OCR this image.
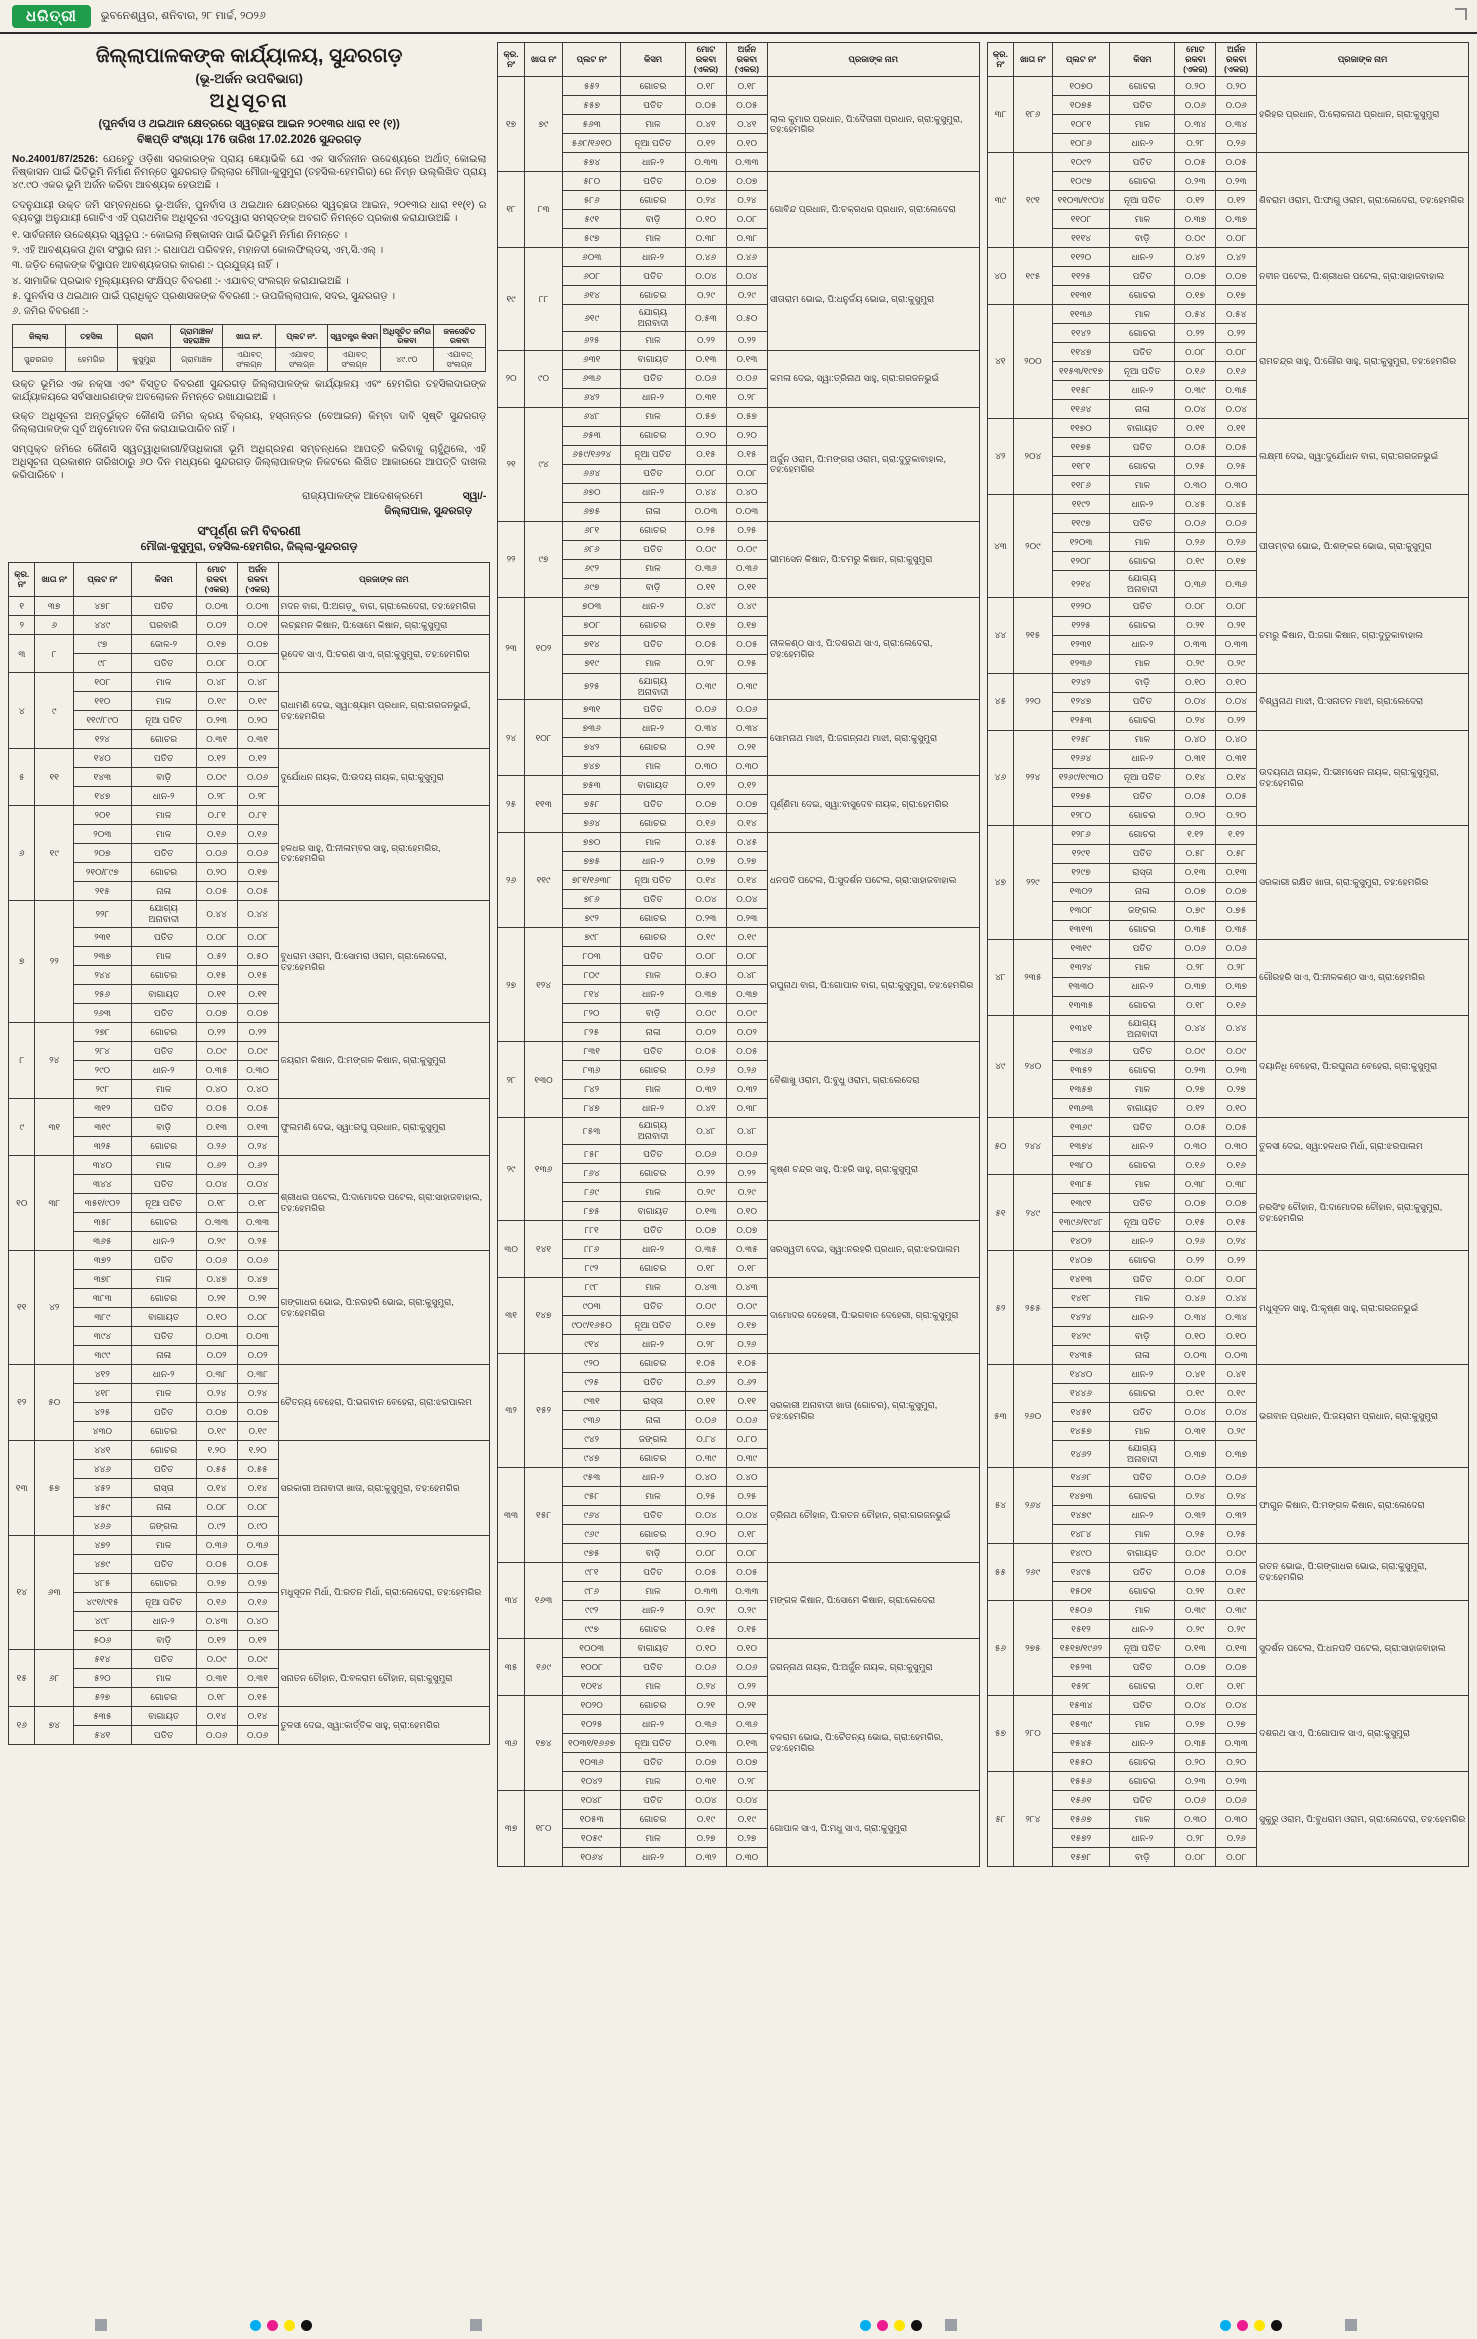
ଧରିତ୍ରୀ	ଭୁବନେଶ୍ୱର, ଶନିବାର, ୨୮ ମାର୍ଚ୍ଚ, ୨୦୨୬
ଜିଲ୍ଲାପାଳକଙ୍କ କାର୍ଯ୍ୟାଳୟ, ସୁନ୍ଦରଗଡ଼
(ଭୂ-ଅର୍ଜନ ଉପବିଭାଗ)
ଅଧିସୂଚନା
(ପୁନର୍ବାସ ଓ ଥଇଥାନ କ୍ଷେତ୍ରରେ ସ୍ୱଚ୍ଛତା ଆଇନ ୨୦୧୩ର ଧାରା ୧୧ (୧))
ବିଜ୍ଞପ୍ତି ସଂଖ୍ୟା 176 ତାରିଖ 17.02.2026 ସୁନ୍ଦରଗଡ଼

No.24001/87/2526: ଯେହେତୁ ଓଡ଼ିଶା ସରକାରଙ୍କ ପ୍ରାୟ ଜ୍ଞେୟାଭିକି ଯେ ଏକ ସାର୍ବଜନୀନ ଉଦ୍ଦେଶ୍ୟରେ ଅର୍ଥାତ୍ କୋଇଲା ନିଷ୍କାସନ ପାଇଁ ଭିତିଭୂମି ନିର୍ମାଣ ନିମନ୍ତେ ସୁନ୍ଦରଗଡ଼ ଜିଲ୍ଲାର ମୌଜା-କୁସୁମୁରା (ତହସିଲ-ହେମଗିର) ରେ ନିମ୍ନ ଉଲ୍ଲିଖିତ ପ୍ରାୟ ୪୯.୯୦ ଏକର ଭୂମି ଅର୍ଜନ କରିବା ଆବଶ୍ୟକ ହେଉଅଛି ।

ତଦନୁଯାୟୀ ଉକ୍ତ ଜମି ସମ୍ବନ୍ଧରେ ଭୂ-ଅର୍ଜନ, ପୁନର୍ବାସ ଓ ଥଇଥାନ କ୍ଷେତ୍ରରେ ସ୍ୱଚ୍ଛତା ଆଇନ, ୨୦୧୩ର ଧାରା ୧୧(୧) ର ବ୍ୟବସ୍ଥା ଅନୁଯାୟୀ ଗୋଟିଏ ଏହି ପ୍ରାଥମିକ ଅଧିସୂଚନା ଏତଦ୍ୱାରା ସମସ୍ତଙ୍କ ଅବଗତି ନିମନ୍ତେ ପ୍ରକାଶ କରାଯାଉଅଛି ।

୧. ସାର୍ବଜନୀନ ଉଦ୍ଦେଶ୍ୟର ସ୍ୱରୂପ :- କୋଇଲା ନିଷ୍କାସନ ପାଇଁ ଭିତିଭୂମି ନିର୍ମାଣ ନିମନ୍ତେ ।
୨. ଏହି ଆବଶ୍ୟକତା ଥିବା ସଂସ୍ଥାର ନାମ :- ରାଧାପଥ ପରିବହନ, ମହାନଦୀ କୋଲଫିଲ୍ଡସ୍, ଏମ୍.ସି.ଏଲ୍ ।
୩. ଜଡ଼ିତ ଲୋକଙ୍କ ବିସ୍ଥାପନ ଆବଶ୍ୟକତାର କାରଣ :- ପ୍ରଯୁଜ୍ୟ ନାହିଁ ।
୪. ସାମାଜିକ ପ୍ରଭାବ ମୂଲ୍ୟାୟନର ସଂକ୍ଷିପ୍ତ ବିବରଣୀ :- ଏଯାବତ୍ ସଂଲଗ୍ନ କରାଯାଇଅଛି ।
୫. ପୁନର୍ବାସ ଓ ଥଇଥାନ ପାଇଁ ପ୍ରାଧିକୃତ ପ୍ରଶାସକଙ୍କ ବିବରଣୀ :- ଉପଜିଲ୍ଲାପାଳ, ସଦର, ସୁନ୍ଦରଗଡ଼ ।
୬. ଜମିର ବିବରଣୀ :-
ଜିଲ୍ଲା	ତହସିଲ	ଗ୍ରାମ	ଗ୍ରାମାଞ୍ଚଳ/ ସହରାଞ୍ଚଳ	ଖାତା ନଂ.	ପ୍ଲଟ ନଂ.	ସ୍ୱତନ୍ତ୍ର କିସମ	ଅଧିସୂଚିତ ଜମିର ରକବା	ଜଳସେଚିତ ରକବା
ସୁନ୍ଦରଗଡ଼	ହେମଗିର	କୁସୁମୁରା	ଗ୍ରାମାଞ୍ଚଳ	ଏଯାବତ୍ ସଂଲଗ୍ନ	ଏଯାବତ୍ ସଂଲଗ୍ନ	ଏଯାବତ୍ ସଂଲଗ୍ନ	୪୯.୯୦	ଏଯାବତ୍ ସଂଲଗ୍ନ

ଉକ୍ତ ଭୂମିର ଏକ ନକ୍ସା ଏବଂ ବିସ୍ତୃତ ବିବରଣୀ ସୁନ୍ଦରଗଡ଼ ଜିଲ୍ଲାପାଳଙ୍କ କାର୍ଯ୍ୟାଳୟ ଏବଂ ହେମଗିର ତହସିଲଦାରଙ୍କ କାର୍ଯ୍ୟାଳୟରେ ସର୍ବସାଧାରଣଙ୍କ ଅବଲୋକନ ନିମନ୍ତେ ରଖାଯାଇଅଛି ।

ଉକ୍ତ ଅଧିସୂଚନା ଅନ୍ତର୍ଭୁକ୍ତ କୌଣସି ଜମିର କ୍ରୟ ବିକ୍ରୟ, ହସ୍ତାନ୍ତର (ବେଆଇନ) କିମ୍ବା ଦାବି ସୃଷ୍ଟି ସୁନ୍ଦରଗଡ଼ ଜିଲ୍ଲାପାଳଙ୍କ ପୂର୍ବ ଅନୁମୋଦନ ବିନା କରାଯାଇପାରିବ ନାହିଁ ।

ସମ୍ପୃକ୍ତ ଜମିରେ କୌଣସି ସ୍ୱତ୍ୱାଧିକାରୀ/ହିତାଧିକାରୀ ଭୂମି ଅଧିଗ୍ରହଣ ସମ୍ବନ୍ଧରେ ଆପତ୍ତି କରିବାକୁ ଚାହୁଁଥିଲେ, ଏହି ଅଧିସୂଚନା ପ୍ରକାଶନ ତାରିଖଠାରୁ ୬୦ ଦିନ ମଧ୍ୟରେ ସୁନ୍ଦରଗଡ଼ ଜିଲ୍ଲାପାଳଙ୍କ ନିକଟରେ ଲିଖିତ ଆକାରରେ ଆପତ୍ତି ଦାଖଲ କରିପାରିବେ ।

ରାଜ୍ୟପାଳଙ୍କ ଆଦେଶକ୍ରମେ	ସ୍ୱା/-
ଜିଲ୍ଲାପାଳ, ସୁନ୍ଦରଗଡ଼
ସଂପୂର୍ଣ୍ଣ ଜମି ବିବରଣୀ
ମୌଜା-କୁସୁମୁରା, ତହସିଲ-ହେମଗିର, ଜିଲ୍ଲା-ସୁନ୍ଦରଗଡ଼
କ୍ର. ନଂ	ଖାତା ନଂ	ପ୍ଲଟ ନଂ	କିସମ	ମୋଟ ରକବା (ଏକର)	ଅର୍ଜନ ରକବା (ଏକର)	ପ୍ରଜାଙ୍କ ନାମ
୧	୩୭	୪୭୮	ପତିତ	୦.୦୩	୦.୦୩	ମଦନ ବାଗ, ପି:ଅଗଡ଼ୁ ବାଗ, ଗ୍ରା:ଲେଦେରା, ତହ:ହେମଗିର
୨	୬	୪୪୯	ଘରବାରି	୦.୦୨	୦.୦୧	ଲଚ୍ଛମନ କିଷାନ, ପି:ସୋମେ କିଷାନ, ଗ୍ରା:କୁସୁମୁରା
୩	୮	୯୭	ଜୋଳ-୨	୦.୧୭	୦.୦୭	ଭୂଦେବ ସାଏ, ପି:ଚରଣ ସାଏ, ଗ୍ରା:କୁସୁମୁରା, ତହ:ହେମଗିର
		୯୮	ପତିତ	୦.୦୮	୦.୦୮	
୪	୯	୧୦୮	ମାଳ	୦.୪୮	୦.୪୮	ରାଧାମଣି ଦେଇ, ସ୍ୱା:ଶ୍ୟାମ ପ୍ରଧାନ, ଗ୍ରା:ଗରଜନଭୁଇଁ, ତହ:ହେମଗିର
		୧୧୦	ମାଳ	୦.୧୯	୦.୧୯	
		୧୧୯/୮୯୦	ନୂଆ ପତିତ	୦.୨୩	୦.୨୦	
		୧୨୪	ଗୋଚର	୦.୩୧	୦.୩୧	
୫	୧୧	୧୪୦	ପତିତ	୦.୧୨	୦.୧୨	ଦୁର୍ଯୋଧନ ନାୟକ, ପି:ଉଦୟ ନାୟକ, ଗ୍ରା:କୁସୁମୁରା
		୧୪୩	ବାଡ଼ି	୦.୦୯	୦.୦୬	
		୧୪୭	ଧାନ-୨	୦.୨୮	୦.୨୮	
୬	୧୯	୨୦୧	ମାଳ	୦.୮୧	୦.୮୧	ହଳଧର ସାହୁ, ପି:ନୀଳାମ୍ବର ସାହୁ, ଗ୍ରା:ହେମଗିର, ତହ:ହେମଗିର
		୨୦୩	ମାଳ	୦.୧୬	୦.୧୬	
		୨୦୭	ପତିତ	୦.୦୬	୦.୦୬	
		୨୧୦/୮୯୭	ଗୋଚର	୦.୨୦	୦.୧୭	
		୨୧୫	ନାଳା	୦.୦୫	୦.୦୫	
୭	୨୨	୨୨୮	ଯୋଗ୍ୟ ଅନାବାଦୀ	୦.୪୪	୦.୪୪	ବୁଧରାମ ଓରାମ, ପି:ସୋମରା ଓରାମ, ଗ୍ରା:ଲେଦେରା, ତହ:ହେମଗିର
		୨୩୧	ପତିତ	୦.୦୮	୦.୦୮	
		୨୩୭	ମାଳ	୦.୫୨	୦.୫୦	
		୨୪୪	ଗୋଚର	୦.୧୫	୦.୧୫	
		୨୫୬	ବାଗାୟତ	୦.୧୧	୦.୧୧	
		୨୬୩	ପତିତ	୦.୦୭	୦.୦୭	
୮	୨୪	୨୭୮	ଗୋଚର	୦.୨୨	୦.୨୨	ଜୟରାମ କିଷାନ, ପି:ମଙ୍ଗଳ କିଷାନ, ଗ୍ରା:କୁସୁମୁରା
		୨୮୪	ପତିତ	୦.୦୯	୦.୦୯	
		୨୯୦	ଧାନ-୨	୦.୩୫	୦.୩୦	
		୨୯୮	ମାଳ	୦.୪୦	୦.୪୦	
୯	୩୧	୩୧୨	ପତିତ	୦.୦୫	୦.୦୫	ଫୁଲମଣି ଦେଇ, ସ୍ୱା:ରଘୁ ପ୍ରଧାନ, ଗ୍ରା:କୁସୁମୁରା
		୩୧୯	ବାଡ଼ି	୦.୧୩	୦.୧୩	
		୩୨୫	ଗୋଚର	୦.୨୬	୦.୨୪	
୧୦	୩୮	୩୪୦	ମାଳ	୦.୬୨	୦.୬୨	ଶ୍ରୀଧର ପଟେଲ, ପି:ଦାମୋଦର ପଟେଲ, ଗ୍ରା:ସାହାଜବାହାଲ, ତହ:ହେମଗିର
		୩୪୪	ପତିତ	୦.୦୪	୦.୦୪	
		୩୫୧/୯୦୨	ନୂଆ ପତିତ	୦.୧୮	୦.୧୮	
		୩୫୮	ଗୋଚର	୦.୩୩	୦.୩୩	
		୩୬୫	ଧାନ-୨	୦.୨୯	୦.୨୫	
୧୧	୪୨	୩୭୨	ପତିତ	୦.୦୬	୦.୦୬	ଗଙ୍ଗାଧର ଭୋଇ, ପି:ନରହରି ଭୋଇ, ଗ୍ରା:କୁସୁମୁରା, ତହ:ହେମଗିର
		୩୭୮	ମାଳ	୦.୪୭	୦.୪୭	
		୩୮୩	ଗୋଚର	୦.୨୧	୦.୨୧	
		୩୮୯	ବାଗାୟତ	୦.୧୦	୦.୦୮	
		୩୯୪	ପତିତ	୦.୦୩	୦.୦୩	
		୩୯୯	ନାଳା	୦.୦୨	୦.୦୨	
୧୨	୫୦	୪୧୨	ଧାନ-୨	୦.୩୮	୦.୩୮	ଚୈତନ୍ୟ ବେହେରା, ପି:ଭଗବାନ ବେହେରା, ଗ୍ରା:ଝରପାଲମ
		୪୧୮	ମାଳ	୦.୨୪	୦.୨୪	
		୪୨୫	ପତିତ	୦.୦୭	୦.୦୭	
		୪୩୦	ଗୋଚର	୦.୧୯	୦.୧୯	
୧୩	୫୭	୪୪୧	ଗୋଚର	୧.୨୦	୧.୨୦	ସରକାରୀ ଅନାବାଦୀ ଖାତା, ଗ୍ରା:କୁସୁମୁରା, ତହ:ହେମଗିର
		୪୪୬	ପତିତ	୦.୫୫	୦.୫୫	
		୪୫୨	ରାସ୍ତା	୦.୧୪	୦.୧୪	
		୪୫୯	ନାଳା	୦.୦୮	୦.୦୮	
		୪୬୬	ଜଙ୍ଗଲ	୦.୯୨	୦.୯୦	
୧୪	୬୩	୪୭୨	ମାଳ	୦.୩୬	୦.୩୬	ମଧୁସୂଦନ ମିର୍ଧା, ପି:ରତନ ମିର୍ଧା, ଗ୍ରା:ଲେଦେରା, ତହ:ହେମଗିର
		୪୭୯	ପତିତ	୦.୦୫	୦.୦୫	
		୪୮୫	ଗୋଚର	୦.୨୭	୦.୨୭	
		୪୯୧/୯୧୫	ନୂଆ ପତିତ	୦.୧୬	୦.୧୬	
		୪୯୮	ଧାନ-୨	୦.୪୩	୦.୪୦	
		୫୦୬	ବାଡ଼ି	୦.୧୨	୦.୧୨	
୧୫	୬୮	୫୧୪	ପତିତ	୦.୦୯	୦.୦୯	ସନାତନ ଚୌହାନ, ପି:ବଳରାମ ଚୌହାନ, ଗ୍ରା:କୁସୁମୁରା
		୫୨୦	ମାଳ	୦.୩୧	୦.୩୧	
		୫୨୭	ଗୋଚର	୦.୧୮	୦.୧୫	
୧୬	୭୪	୫୩୫	ବାଗାୟତ	୦.୧୪	୦.୧୪	ତୁଳସୀ ଦେଇ, ସ୍ୱା:କାର୍ତ୍ତିକ ସାହୁ, ଗ୍ରା:ହେମଗିର
		୫୪୧	ପତିତ	୦.୦୬	୦.୦୬	
କ୍ର. ନଂ	ଖାତା ନଂ	ପ୍ଲଟ ନଂ	କିସମ	ମୋଟ ରକବା (ଏକର)	ଅର୍ଜନ ରକବା (ଏକର)	ପ୍ରଜାଙ୍କ ନାମ
୧୭	୭୯	୫୫୨	ଗୋଚର	୦.୧୮	୦.୧୮	ଲାଲ କୁମାର ପ୍ରଧାନ, ପି:ଦୈତାରୀ ପ୍ରଧାନ, ଗ୍ରା:କୁସୁମୁରା, ତହ:ହେମଗିର
		୫୫୭	ପତିତ	୦.୦୫	୦.୦୫	
		୫୬୩	ମାଳ	୦.୪୧	୦.୪୧	
		୫୬୮/୧୬୧୦	ନୂଆ ପତିତ	୦.୧୨	୦.୧୦	
		୫୭୪	ଧାନ-୨	୦.୩୩	୦.୩୩	
୧୮	୮୩	୫୮୦	ପତିତ	୦.୦୭	୦.୦୭	ଗୋବିନ୍ଦ ପ୍ରଧାନ, ପି:ଚକ୍ରଧର ପ୍ରଧାନ, ଗ୍ରା:ଲେଦେରା
		୫୮୬	ଗୋଚର	୦.୨୪	୦.୨୪	
		୫୯୧	ବାଡ଼ି	୦.୧୦	୦.୦୮	
		୫୯୭	ମାଳ	୦.୩୮	୦.୩୮	
୧୯	୮୮	୬୦୩	ଧାନ-୨	୦.୪୬	୦.୪୬	ସୀତାରାମ ଭୋଇ, ପି:ଧନୁର୍ଜୟ ଭୋଇ, ଗ୍ରା:କୁସୁମୁରା
		୬୦୮	ପତିତ	୦.୦୪	୦.୦୪	
		୬୧୪	ଗୋଚର	୦.୨୯	୦.୨୯	
		୬୧୯	ଯୋଗ୍ୟ ଅନାବାଦୀ	୦.୫୩	୦.୫୦	
		୬୨୫	ମାଳ	୦.୨୨	୦.୨୨	
୨୦	୯୦	୬୩୧	ବାଗାୟତ	୦.୧୩	୦.୧୩	କମଳା ଦେଇ, ସ୍ୱା:ତ୍ରିନାଥ ସାହୁ, ଗ୍ରା:ଗରଜନଭୁଇଁ
		୬୩୬	ପତିତ	୦.୦୬	୦.୦୬	
		୬୪୨	ଧାନ-୨	୦.୩୧	୦.୨୮	
୨୧	୯୪	୬୪୮	ମାଳ	୦.୫୭	୦.୫୭	ଅର୍ଜୁନ ଓରାମ, ପି:ମଙ୍ଗରା ଓରାମ, ଗ୍ରା:ଦୁଡୁକାବାହାଲ, ତହ:ହେମଗିର
		୬୫୩	ଗୋଚର	୦.୨୦	୦.୨୦	
		୬୫୯/୧୬୨୪	ନୂଆ ପତିତ	୦.୧୫	୦.୧୫	
		୬୬୪	ପତିତ	୦.୦୮	୦.୦୮	
		୬୭୦	ଧାନ-୨	୦.୪୪	୦.୪୦	
		୬୭୫	ନାଳା	୦.୦୩	୦.୦୩	
୨୨	୯୭	୬୮୧	ଗୋଚର	୦.୨୫	୦.୨୫	ଭୀମସେନ କିଷାନ, ପି:ଚମରୁ କିଷାନ, ଗ୍ରା:କୁସୁମୁରା
		୬୮୬	ପତିତ	୦.୦୯	୦.୦୯	
		୬୯୨	ମାଳ	୦.୩୬	୦.୩୬	
		୬୯୭	ବାଡ଼ି	୦.୧୧	୦.୧୧	
୨୩	୧୦୨	୭୦୩	ଧାନ-୨	୦.୪୯	୦.୪୯	ନୀଳକଣ୍ଠ ସାଏ, ପି:ଦଶରଥ ସାଏ, ଗ୍ରା:ଲେଦେରା, ତହ:ହେମଗିର
		୭୦୮	ଗୋଚର	୦.୧୭	୦.୧୭	
		୭୧୪	ପତିତ	୦.୦୫	୦.୦୫	
		୭୧୯	ମାଳ	୦.୨୮	୦.୨୫	
		୭୨୫	ଯୋଗ୍ୟ ଅନାବାଦୀ	୦.୩୯	୦.୩୯	
୨୪	୧୦୮	୭୩୧	ପତିତ	୦.୦୬	୦.୦୬	ସୋମନାଥ ମାଝୀ, ପି:ଜଗନ୍ନାଥ ମାଝୀ, ଗ୍ରା:କୁସୁମୁରା
		୭୩୬	ଧାନ-୨	୦.୩୪	୦.୩୪	
		୭୪୨	ଗୋଚର	୦.୨୧	୦.୨୧	
		୭୪୭	ମାଳ	୦.୩୦	୦.୩୦	
୨୫	୧୧୩	୭୫୩	ବାଗାୟତ	୦.୧୨	୦.୧୨	ପୂର୍ଣ୍ଣିମା ଦେଇ, ସ୍ୱା:ବାସୁଦେବ ନାୟକ, ଗ୍ରା:ହେମଗିର
		୭୫୮	ପତିତ	୦.୦୭	୦.୦୭	
		୭୬୪	ଗୋଚର	୦.୧୬	୦.୧୪	
୨୬	୧୧୯	୭୭୦	ମାଳ	୦.୪୫	୦.୪୫	ଧନପତି ପଟେଲ, ପି:ସୁଦର୍ଶନ ପଟେଲ, ଗ୍ରା:ସାହାଜବାହାଲ
		୭୭୫	ଧାନ-୨	୦.୨୭	୦.୨୭	
		୭୮୧/୧୬୩୮	ନୂଆ ପତିତ	୦.୧୪	୦.୧୪	
		୭୮୬	ପତିତ	୦.୦୪	୦.୦୪	
		୭୯୨	ଗୋଚର	୦.୨୩	୦.୨୩	
୨୭	୧୨୪	୭୯୮	ଗୋଚର	୦.୧୯	୦.୧୯	ରଘୁନାଥ ବାଗ, ପି:ଗୋପାଳ ବାଗ, ଗ୍ରା:କୁସୁମୁରା, ତହ:ହେମଗିର
		୮୦୩	ପତିତ	୦.୦୮	୦.୦୮	
		୮୦୯	ମାଳ	୦.୫୦	୦.୪୮	
		୮୧୪	ଧାନ-୨	୦.୩୭	୦.୩୭	
		୮୨୦	ବାଡ଼ି	୦.୦୯	୦.୦୯	
		୮୨୫	ନାଳା	୦.୦୨	୦.୦୨	
୨୮	୧୩୦	୮୩୧	ପତିତ	୦.୦୫	୦.୦୫	ବୈଶାଖୁ ଓରାମ, ପି:ବୁଧୁ ଓରାମ, ଗ୍ରା:ଲେଦେରା
		୮୩୬	ଗୋଚର	୦.୨୬	୦.୨୬	
		୮୪୨	ମାଳ	୦.୩୨	୦.୩୨	
		୮୪୭	ଧାନ-୨	୦.୪୧	୦.୩୮	
୨୯	୧୩୬	୮୫୩	ଯୋଗ୍ୟ ଅନାବାଦୀ	୦.୪୮	୦.୪୮	କୃଷ୍ଣ ଚନ୍ଦ୍ର ସାହୁ, ପି:ହରି ସାହୁ, ଗ୍ରା:କୁସୁମୁରା
		୮୫୮	ପତିତ	୦.୦୬	୦.୦୬	
		୮୬୪	ଗୋଚର	୦.୨୨	୦.୨୨	
		୮୬୯	ମାଳ	୦.୨୯	୦.୨୯	
		୮୭୫	ବାଗାୟତ	୦.୧୩	୦.୧୦	
୩୦	୧୪୧	୮୮୧	ପତିତ	୦.୦୭	୦.୦୭	ସରସ୍ୱତୀ ଦେଇ, ସ୍ୱା:ନରହରି ପ୍ରଧାନ, ଗ୍ରା:ଝରପାଲମ
		୮୮୬	ଧାନ-୨	୦.୩୫	୦.୩୫	
		୮୯୨	ଗୋଚର	୦.୧୮	୦.୧୮	
୩୧	୧୪୭	୮୯୮	ମାଳ	୦.୪୩	୦.୪୩	ଦାମୋଦର ଦେହେରୀ, ପି:ଭଗବାନ ଦେହେରୀ, ଗ୍ରା:କୁସୁମୁରା
		୯୦୩	ପତିତ	୦.୦୯	୦.୦୯	
		୯୦୯/୧୬୫୦	ନୂଆ ପତିତ	୦.୧୭	୦.୧୭	
		୯୧୪	ଧାନ-୨	୦.୨୮	୦.୨୬	
୩୨	୧୫୨	୯୨୦	ଗୋଚର	୧.୦୫	୧.୦୫	ସରକାରୀ ଅନାବାଦୀ ଖାତା (ଗୋଚର), ଗ୍ରା:କୁସୁମୁରା, ତହ:ହେମଗିର
		୯୨୫	ପତିତ	୦.୬୨	୦.୬୨	
		୯୩୧	ରାସ୍ତା	୦.୧୧	୦.୧୧	
		୯୩୬	ନାଳା	୦.୦୬	୦.୦୬	
		୯୪୨	ଜଙ୍ଗଲ	୦.୮୪	୦.୮୦	
		୯୪୭	ଗୋଚର	୦.୩୯	୦.୩୯	
୩୩	୧୫୮	୯୫୩	ଧାନ-୨	୦.୪୦	୦.୪୦	ତ୍ରିନାଥ ଚୌହାନ, ପି:ରତନ ଚୌହାନ, ଗ୍ରା:ଗରଜନଭୁଇଁ
		୯୫୮	ମାଳ	୦.୨୫	୦.୨୫	
		୯୬୪	ପତିତ	୦.୦୪	୦.୦୪	
		୯୬୯	ଗୋଚର	୦.୨୦	୦.୧୮	
		୯୭୫	ବାଡ଼ି	୦.୦୮	୦.୦୮	
୩୪	୧୬୩	୯୮୧	ପତିତ	୦.୦୫	୦.୦୫	ମଙ୍ଗଳ କିଷାନ, ପି:ସୋମେ କିଷାନ, ଗ୍ରା:ଲେଦେରା
		୯୮୬	ମାଳ	୦.୩୩	୦.୩୩	
		୯୯୨	ଧାନ-୨	୦.୨୯	୦.୨୯	
		୯୯୭	ଗୋଚର	୦.୧୫	୦.୧୫	
୩୫	୧୬୯	୧୦୦୩	ବାଗାୟତ	୦.୧୦	୦.୧୦	ଜଗନ୍ନାଥ ନାୟକ, ପି:ଅର୍ଜୁନ ନାୟକ, ଗ୍ରା:କୁସୁମୁରା
		୧୦୦୮	ପତିତ	୦.୦୬	୦.୦୬	
		୧୦୧୪	ମାଳ	୦.୨୪	୦.୨୨	
୩୬	୧୭୪	୧୦୨୦	ଗୋଚର	୦.୨୧	୦.୨୧	ବଳରାମ ଭୋଇ, ପି:ଚୈତନ୍ୟ ଭୋଇ, ଗ୍ରା:ହେମଗିର, ତହ:ହେମଗିର
		୧୦୨୫	ଧାନ-୨	୦.୩୬	୦.୩୬	
		୧୦୩୧/୧୬୬୭	ନୂଆ ପତିତ	୦.୧୩	୦.୧୩	
		୧୦୩୬	ପତିତ	୦.୦୭	୦.୦୭	
		୧୦୪୨	ମାଳ	୦.୩୧	୦.୨୮	
୩୭	୧୮୦	୧୦୪୮	ପତିତ	୦.୦୪	୦.୦୪	ଗୋପାଳ ସାଏ, ପି:ମଧୁ ସାଏ, ଗ୍ରା:କୁସୁମୁରା
		୧୦୫୩	ଗୋଚର	୦.୧୯	୦.୧୯	
		୧୦୫୯	ମାଳ	୦.୨୭	୦.୨୭	
		୧୦୬୪	ଧାନ-୨	୦.୩୨	୦.୩୦	
କ୍ର. ନଂ	ଖାତା ନଂ	ପ୍ଲଟ ନଂ	କିସମ	ମୋଟ ରକବା (ଏକର)	ଅର୍ଜନ ରକବା (ଏକର)	ପ୍ରଜାଙ୍କ ନାମ
୩୮	୧୮୬	୧୦୭୦	ଗୋଚର	୦.୨୦	୦.୨୦	ହରିହର ପ୍ରଧାନ, ପି:ଲୋକନାଥ ପ୍ରଧାନ, ଗ୍ରା:କୁସୁମୁରା
		୧୦୭୫	ପତିତ	୦.୦୬	୦.୦୬	
		୧୦୮୧	ମାଳ	୦.୩୪	୦.୩୪	
		୧୦୮୬	ଧାନ-୨	୦.୨୮	୦.୨୬	
୩୯	୧୯୧	୧୦୯୨	ପତିତ	୦.୦୫	୦.୦୫	ଶିବରାମ ଓରାମ, ପି:ଫାଗୁ ଓରାମ, ଗ୍ରା:ଲେଦେରା, ତହ:ହେମଗିର
		୧୦୯୭	ଗୋଚର	୦.୨୩	୦.୨୩	
		୧୧୦୩/୧୯୦୪	ନୂଆ ପତିତ	୦.୧୨	୦.୧୨	
		୧୧୦୮	ମାଳ	୦.୩୭	୦.୩୭	
		୧୧୧୪	ବାଡ଼ି	୦.୦୯	୦.୦୮	
୪୦	୧୯୫	୧୧୨୦	ଧାନ-୨	୦.୪୨	୦.୪୨	ନବୀନ ପଟେଲ, ପି:ଶ୍ରୀଧର ପଟେଲ, ଗ୍ରା:ସାହାଜବାହାଲ
		୧୧୨୫	ପତିତ	୦.୦୭	୦.୦୭	
		୧୧୩୧	ଗୋଚର	୦.୧୭	୦.୧୭	
୪୧	୨୦୦	୧୧୩୬	ମାଳ	୦.୫୪	୦.୫୪	ରାମଚନ୍ଦ୍ର ସାହୁ, ପି:ଗୌର ସାହୁ, ଗ୍ରା:କୁସୁମୁରା, ତହ:ହେମଗିର
		୧୧୪୨	ଗୋଚର	୦.୨୨	୦.୨୨	
		୧୧୪୭	ପତିତ	୦.୦୮	୦.୦୮	
		୧୧୫୩/୧୯୧୭	ନୂଆ ପତିତ	୦.୧୬	୦.୧୬	
		୧୧୫୮	ଧାନ-୨	୦.୩୯	୦.୩୫	
		୧୧୬୪	ନାଳା	୦.୦୪	୦.୦୪	
୪୨	୨୦୪	୧୧୭୦	ବାଗାୟତ	୦.୧୧	୦.୧୧	ଲକ୍ଷ୍ମୀ ଦେଇ, ସ୍ୱା:ଦୁର୍ଯୋଧନ ବାଗ, ଗ୍ରା:ଗରଜନଭୁଇଁ
		୧୧୭୫	ପତିତ	୦.୦୫	୦.୦୫	
		୧୧୮୧	ଗୋଚର	୦.୨୫	୦.୨୫	
		୧୧୮୬	ମାଳ	୦.୩୦	୦.୩୦	
୪୩	୨୦୯	୧୧୯୨	ଧାନ-୨	୦.୪୫	୦.୪୫	ପୀତାମ୍ବର ଭୋଇ, ପି:ଶଙ୍କର ଭୋଇ, ଗ୍ରା:କୁସୁମୁରା
		୧୧୯୭	ପତିତ	୦.୦୬	୦.୦୬	
		୧୨୦୩	ମାଳ	୦.୨୬	୦.୨୬	
		୧୨୦୮	ଗୋଚର	୦.୧୯	୦.୧୭	
		୧୨୧୪	ଯୋଗ୍ୟ ଅନାବାଦୀ	୦.୩୬	୦.୩୬	
୪୪	୨୧୫	୧୨୨୦	ପତିତ	୦.୦୮	୦.୦୮	ଚମରୁ କିଷାନ, ପି:ଜଗା କିଷାନ, ଗ୍ରା:ଦୁଡୁକାବାହାଲ
		୧୨୨୫	ଗୋଚର	୦.୨୧	୦.୨୧	
		୧୨୩୧	ଧାନ-୨	୦.୩୩	୦.୩୩	
		୧୨୩୬	ମାଳ	୦.୨୯	୦.୨୯	
୪୫	୨୨୦	୧୨୪୨	ବାଡ଼ି	୦.୧୦	୦.୧୦	ବିଶ୍ୱନାଥ ମାଝୀ, ପି:ସନାତନ ମାଝୀ, ଗ୍ରା:ଲେଦେରା
		୧୨୪୭	ପତିତ	୦.୦୪	୦.୦୪	
		୧୨୫୩	ଗୋଚର	୦.୨୪	୦.୨୨	
୪୬	୨୨୪	୧୨୫୮	ମାଳ	୦.୪୦	୦.୪୦	ଉଦୟନାଥ ନାୟକ, ପି:ଭୀମସେନ ନାୟକ, ଗ୍ରା:କୁସୁମୁରା, ତହ:ହେମଗିର
		୧୨୬୪	ଧାନ-୨	୦.୩୧	୦.୩୧	
		୧୨୬୯/୧୯୩୦	ନୂଆ ପତିତ	୦.୧୪	୦.୧୪	
		୧୨୭୫	ପତିତ	୦.୦୫	୦.୦୫	
		୧୨୮୦	ଗୋଚର	୦.୨୦	୦.୨୦	
୪୭	୨୨୯	୧୨୮୬	ଗୋଚର	୧.୧୨	୧.୧୨	ସରକାରୀ ରକ୍ଷିତ ଖାତା, ଗ୍ରା:କୁସୁମୁରା, ତହ:ହେମଗିର
		୧୨୯୧	ପତିତ	୦.୫୮	୦.୫୮	
		୧୨୯୭	ରାସ୍ତା	୦.୧୩	୦.୧୩	
		୧୩୦୨	ନାଳା	୦.୦୭	୦.୦୭	
		୧୩୦୮	ଜଙ୍ଗଲ	୦.୭୯	୦.୭୫	
		୧୩୧୩	ଗୋଚର	୦.୩୫	୦.୩୫	
୪୮	୨୩୫	୧୩୧୯	ପତିତ	୦.୦୬	୦.୦୬	ଗୌରହରି ସାଏ, ପି:ନୀଳକଣ୍ଠ ସାଏ, ଗ୍ରା:ହେମଗିର
		୧୩୨୪	ମାଳ	୦.୨୮	୦.୨୮	
		୧୩୩୦	ଧାନ-୨	୦.୩୭	୦.୩୭	
		୧୩୩୫	ଗୋଚର	୦.୧୮	୦.୧୬	
୪୯	୨୪୦	୧୩୪୧	ଯୋଗ୍ୟ ଅନାବାଦୀ	୦.୪୪	୦.୪୪	ଦୟାନିଧି ବେହେରା, ପି:ରଘୁନାଥ ବେହେରା, ଗ୍ରା:କୁସୁମୁରା
		୧୩୪୬	ପତିତ	୦.୦୯	୦.୦୯	
		୧୩୫୨	ଗୋଚର	୦.୨୩	୦.୨୩	
		୧୩୫୭	ମାଳ	୦.୨୭	୦.୨୭	
		୧୩୬୩	ବାଗାୟତ	୦.୧୨	୦.୧୦	
୫୦	୨୪୪	୧୩୬୯	ପତିତ	୦.୦୫	୦.୦୫	ତୁଳସୀ ଦେଇ, ସ୍ୱା:ହଳଧର ମିର୍ଧା, ଗ୍ରା:ଝରପାଲମ
		୧୩୭୪	ଧାନ-୨	୦.୩୦	୦.୩୦	
		୧୩୮୦	ଗୋଚର	୦.୧୬	୦.୧୬	
୫୧	୨୪୯	୧୩୮୫	ମାଳ	୦.୩୮	୦.୩୮	ନରସିଂହ ଚୌହାନ, ପି:ଦାମୋଦର ଚୌହାନ, ଗ୍ରା:କୁସୁମୁରା, ତହ:ହେମଗିର
		୧୩୯୧	ପତିତ	୦.୦୭	୦.୦୭	
		୧୩୯୬/୧୯୪୮	ନୂଆ ପତିତ	୦.୧୫	୦.୧୫	
		୧୪୦୨	ଧାନ-୨	୦.୨୬	୦.୨୪	
୫୨	୨୫୫	୧୪୦୭	ଗୋଚର	୦.୨୨	୦.୨୨	ମଧୁସୂଦନ ସାହୁ, ପି:କୃଷ୍ଣ ସାହୁ, ଗ୍ରା:ଗରଜନଭୁଇଁ
		୧୪୧୩	ପତିତ	୦.୦୮	୦.୦୮	
		୧୪୧୮	ମାଳ	୦.୪୬	୦.୪୪	
		୧୪୨୪	ଧାନ-୨	୦.୩୪	୦.୩୪	
		୧୪୨୯	ବାଡ଼ି	୦.୧୦	୦.୧୦	
		୧୪୩୫	ନାଳା	୦.୦୩	୦.୦୩	
୫୩	୨୬୦	୧୪୪୦	ଧାନ-୨	୦.୪୧	୦.୪୧	ଭଗବାନ ପ୍ରଧାନ, ପି:ଜୟରାମ ପ୍ରଧାନ, ଗ୍ରା:କୁସୁମୁରା
		୧୪୪୬	ଗୋଚର	୦.୧୯	୦.୧୯	
		୧୪୫୧	ପତିତ	୦.୦୪	୦.୦୪	
		୧୪୫୭	ମାଳ	୦.୩୧	୦.୨୯	
		୧୪୬୨	ଯୋଗ୍ୟ ଅନାବାଦୀ	୦.୩୭	୦.୩୭	
୫୪	୨୬୪	୧୪୬୮	ପତିତ	୦.୦୬	୦.୦୬	ଫାଗୁନ କିଷାନ, ପି:ମଙ୍ଗଳ କିଷାନ, ଗ୍ରା:ଲେଦେରା
		୧୪୭୩	ଗୋଚର	୦.୨୪	୦.୨୪	
		୧୪୭୯	ଧାନ-୨	୦.୩୨	୦.୩୨	
		୧୪୮୪	ମାଳ	୦.୨୫	୦.୨୫	
୫୫	୨୬୯	୧୪୯୦	ବାଗାୟତ	୦.୦୯	୦.୦୯	ରତନ ଭୋଇ, ପି:ଗଙ୍ଗାଧର ଭୋଇ, ଗ୍ରା:କୁସୁମୁରା, ତହ:ହେମଗିର
		୧୪୯୫	ପତିତ	୦.୦୫	୦.୦୫	
		୧୫୦୧	ଗୋଚର	୦.୨୧	୦.୧୯	
୫୬	୨୭୫	୧୫୦୬	ମାଳ	୦.୩୯	୦.୩୯	ସୁଦର୍ଶନ ପଟେଲ, ପି:ଧନପତି ପଟେଲ, ଗ୍ରା:ସାହାଜବାହାଲ
		୧୫୧୨	ଧାନ-୨	୦.୨୯	୦.୨୯	
		୧୫୧୭/୧୯୬୨	ନୂଆ ପତିତ	୦.୧୩	୦.୧୩	
		୧୫୨୩	ପତିତ	୦.୦୭	୦.୦୭	
		୧୫୨୮	ଗୋଚର	୦.୧୮	୦.୧୮	
୫୭	୨୮୦	୧୫୩୪	ପତିତ	୦.୦୪	୦.୦୪	ଦଶରଥ ସାଏ, ପି:ଗୋପାଳ ସାଏ, ଗ୍ରା:କୁସୁମୁରା
		୧୫୩୯	ମାଳ	୦.୨୭	୦.୨୭	
		୧୫୪୫	ଧାନ-୨	୦.୩୫	୦.୩୩	
		୧୫୫୦	ଗୋଚର	୦.୨୦	୦.୨୦	
୫୮	୨୮୪	୧୫୫୬	ଗୋଚର	୦.୨୩	୦.୨୩	ସୁକୁରୁ ଓରାମ, ପି:ବୁଧରାମ ଓରାମ, ଗ୍ରା:ଲେଦେରା, ତହ:ହେମଗିର
		୧୫୬୧	ପତିତ	୦.୦୬	୦.୦୬	
		୧୫୬୭	ମାଳ	୦.୩୦	୦.୩୦	
		୧୫୭୨	ଧାନ-୨	୦.୨୮	୦.୨୬	
		୧୫୭୮	ବାଡ଼ି	୦.୦୮	୦.୦୮	
